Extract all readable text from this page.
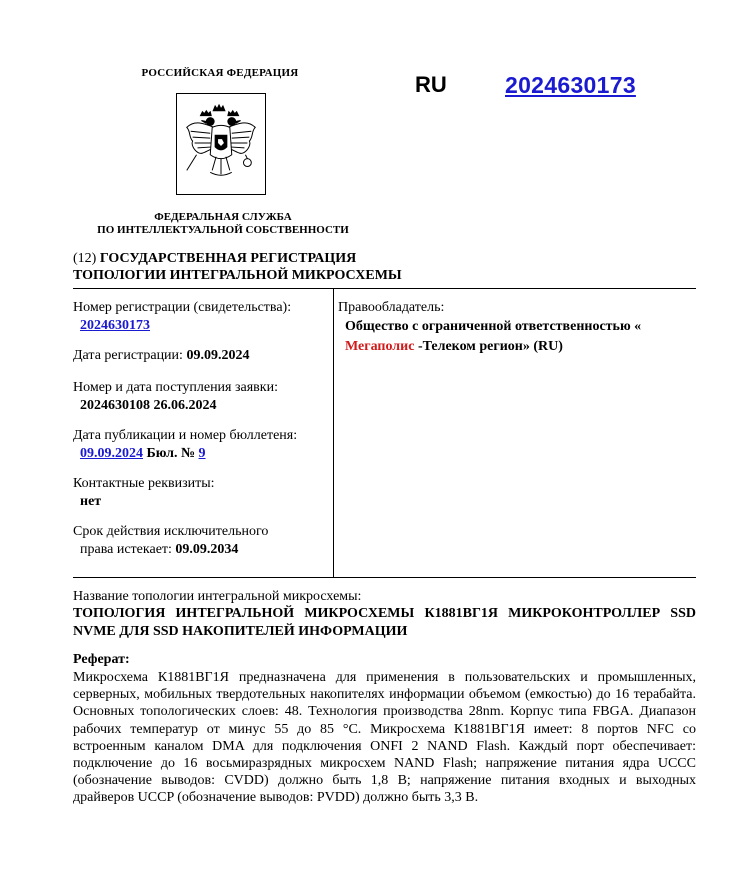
РОССИЙСКАЯ ФЕДЕРАЦИЯ
ФЕДЕРАЛЬНАЯ СЛУЖБА
ПО ИНТЕЛЛЕКТУАЛЬНОЙ СОБСТВЕННОСТИ
RU	2024630173
(12) ГОСУДАРСТВЕННАЯ РЕГИСТРАЦИЯ
ТОПОЛОГИИ ИНТЕГРАЛЬНОЙ МИКРОСХЕМЫ
Номер регистрации (свидетельства):
2024630173
Дата регистрации: 09.09.2024
Номер и дата поступления заявки:
2024630108 26.06.2024
Дата публикации и номер бюллетеня:
09.09.2024 Бюл. № 9
Контактные реквизиты:
нет
Срок действия исключительного
права истекает: 09.09.2034
Правообладатель:
Общество с ограниченной ответственностью «
Мегаполис -Телеком регион» (RU)
Название топологии интегральной микросхемы:
ТОПОЛОГИЯ ИНТЕГРАЛЬНОЙ МИКРОСХЕМЫ К1881ВГ1Я МИКРОКОНТРОЛЛЕР SSD NVME ДЛЯ SSD НАКОПИТЕЛЕЙ ИНФОРМАЦИИ
Реферат:
Микросхема К1881ВГ1Я предназначена для применения в пользовательских и промышленных, серверных, мобильных твердотельных накопителях информации объемом (емкостью) до 16 терабайта. Основных топологических слоев: 48. Технология производства 28nm. Корпус типа FBGA. Диапазон рабочих температур от минус 55 до 85 °С. Микросхема К1881ВГ1Я имеет: 8 портов NFC со встроенным каналом DMA для подключения ONFI 2 NAND Flash. Каждый порт обеспечивает: подключение до 16 восьмиразрядных микросхем NAND Flash; напряжение питания ядра UCCC (обозначение выводов: CVDD) должно быть 1,8 В; напряжение питания входных и выходных драйверов UCCP (обозначение выводов: PVDD) должно быть 3,3 В.
